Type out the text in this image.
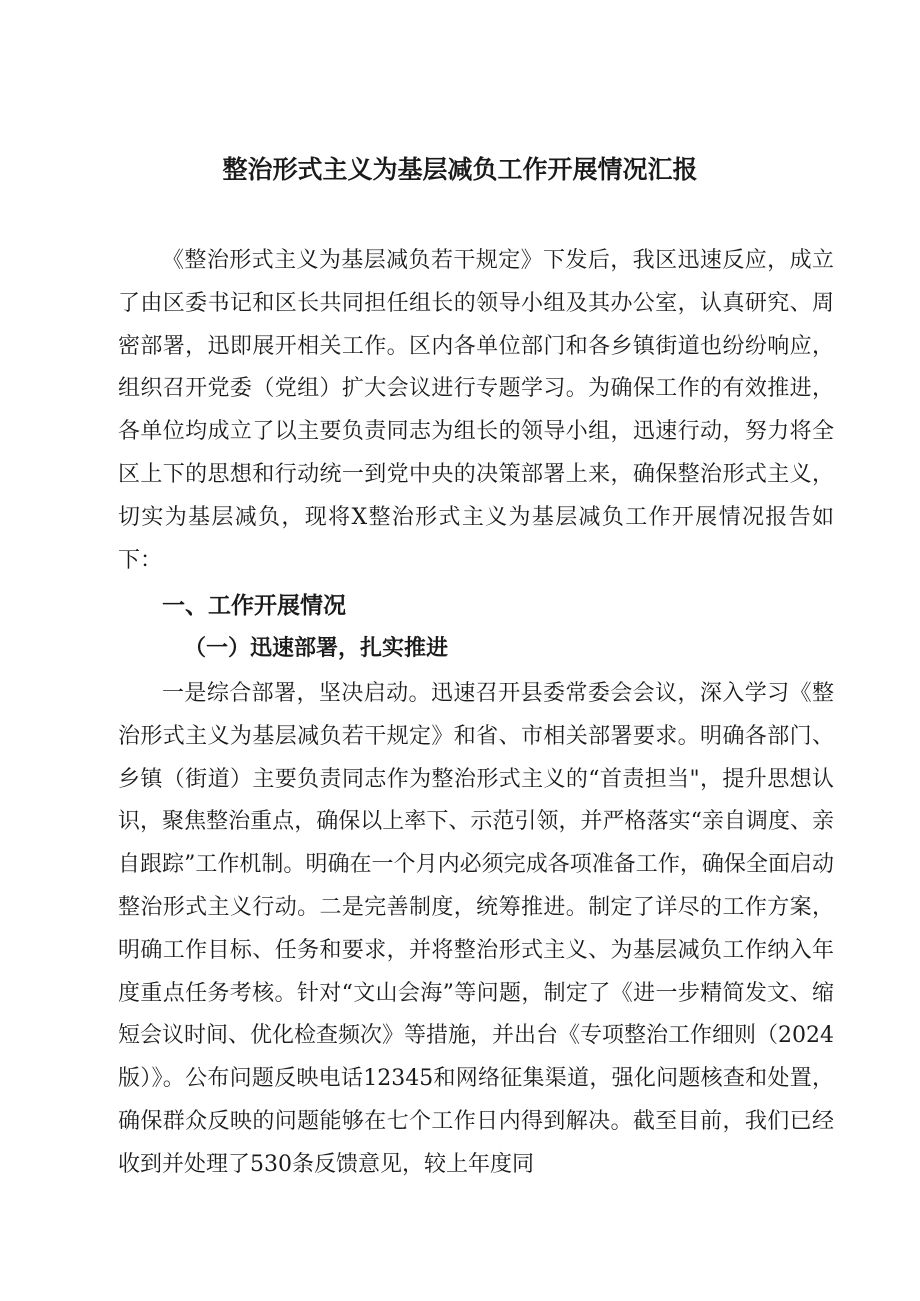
整治形式主义为基层减负工作开展情况汇报

《整治形式主义为基层减负若干规定》下发后，我区迅速反应，成立了由区委书记和区长共同担任组长的领导小组及其办公室，认真研究、周密部署，迅即展开相关工作。区内各单位部门和各乡镇街道也纷纷响应，组织召开党委（党组）扩大会议进行专题学习。为确保工作的有效推进，各单位均成立了以主要负责同志为组长的领导小组，迅速行动，努力将全区上下的思想和行动统一到党中央的决策部署上来，确保整治形式主义，切实为基层减负，现将X整治形式主义为基层减负工作开展情况报告如下：

一、工作开展情况
（一）迅速部署，扎实推进

一是综合部署，坚决启动。迅速召开县委常委会会议，深入学习《整治形式主义为基层减负若干规定》和省、市相关部署要求。明确各部门、乡镇（街道）主要负责同志作为整治形式主义的“首责担当"，提升思想认识，聚焦整治重点，确保以上率下、示范引领，并严格落实“亲自调度、亲自跟踪”工作机制。明确在一个月内必须完成各项准备工作，确保全面启动整治形式主义行动。二是完善制度，统筹推进。制定了详尽的工作方案，明确工作目标、任务和要求，并将整治形式主义、为基层减负工作纳入年度重点任务考核。针对“文山会海”等问题，制定了《进一步精简发文、缩短会议时间、优化检查频次》等措施，并出台《专项整治工作细则（2024版）》。公布问题反映电话12345和网络征集渠道，强化问题核查和处置，确保群众反映的问题能够在七个工作日内得到解决。截至目前，我们已经收到并处理了530条反馈意见，较上年度同
